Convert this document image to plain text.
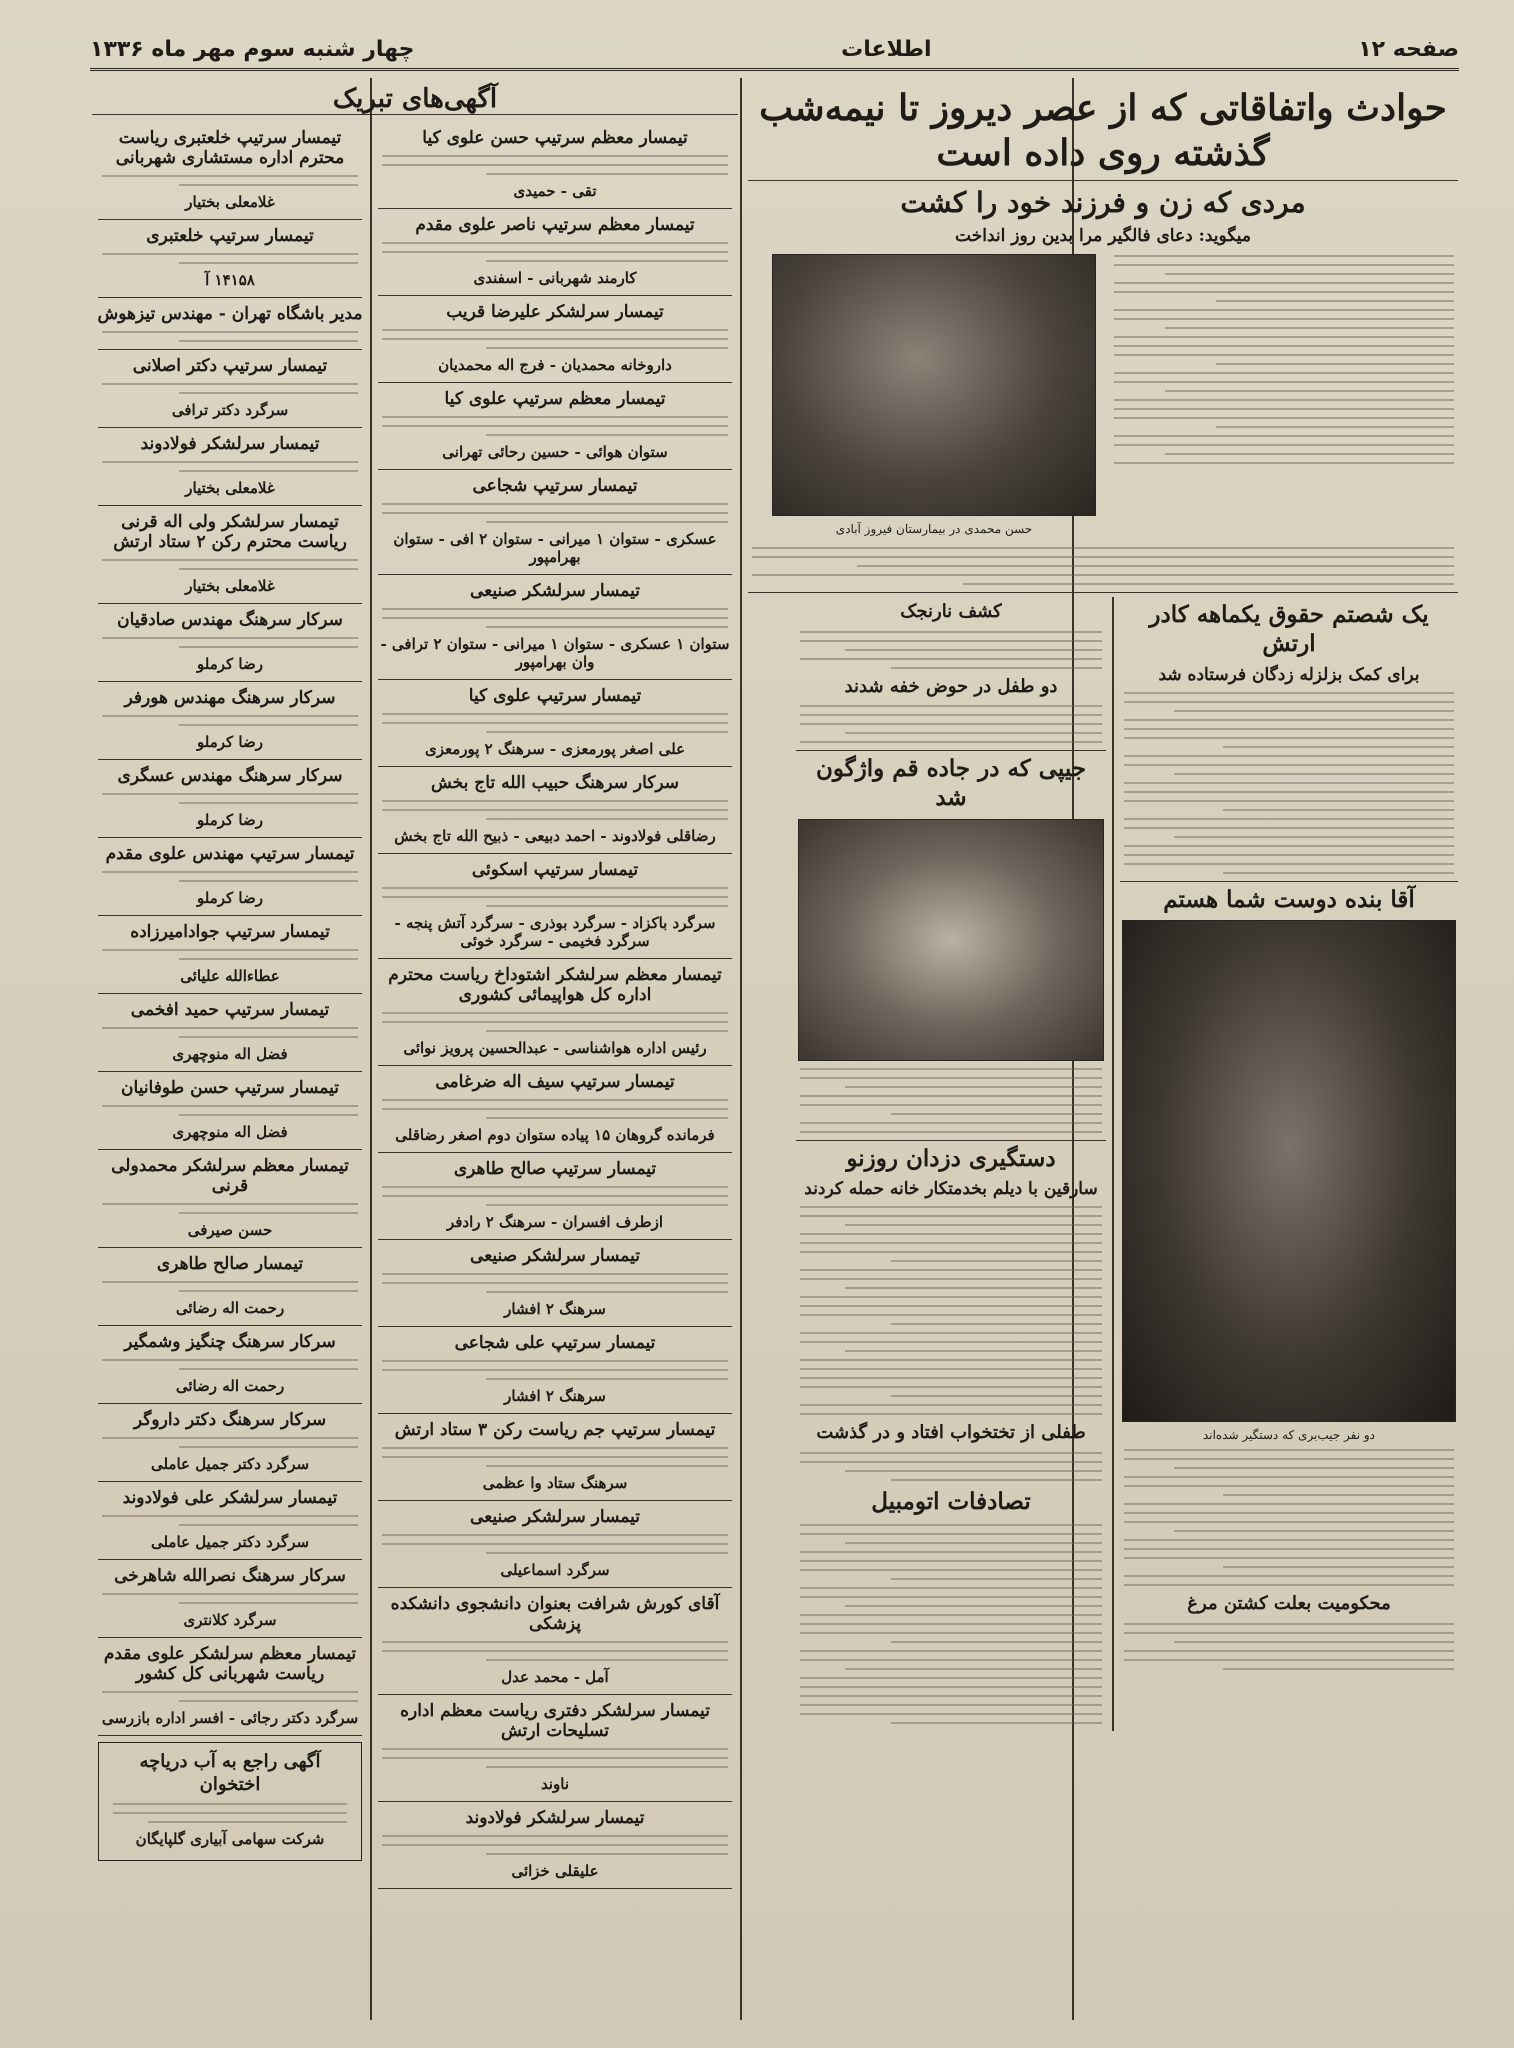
صفحه ۱۲
اطلاعات
چهار شنبه سوم مهر ماه ۱۳۳۶
حوادث واتفاقاتی که از عصر دیروز تا نیمه‌شب گذشته روی داده است
مردی که زن و فرزند خود را کشت
میگوید: دعای فالگیر مرا بدین روز انداخت
حسن محمدی در بیمارستان فیروز آبادی
یک شصتم حقوق یکماهه کادر ارتش
برای کمک بزلزله زدگان فرستاده شد
آقا بنده دوست شما هستم
دو نفر جیب‌بری که دستگیر شده‌اند
محکومیت بعلت کشتن مرغ
کشف نارنجک
دو طفل در حوض خفه شدند
جیپی که در جاده‌ قم واژگون شد
دستگیری دزدان روزنو
سارقین با دیلم بخدمتکار خانه حمله کردند
طفلی از تختخواب افتاد و در گذشت
تصادفات اتومبیل
آگهی‌های تبریک
تیمسار معظم سرتیپ حسن علوی کیا
تقی - حمیدی
تیمسار معظم سرتیپ ناصر علوی مقدم
کارمند شهربانی - اسفندی
تیمسار سرلشکر علیرضا قریب
داروخانه محمدیان - فرج اله محمدیان
تیمسار معظم سرتیپ علوی کیا
ستوان هوائی - حسین رحائی تهرانی
تیمسار سرتیپ شجاعی
عسکری - ستوان ۱ میرانی - ستوان ۲ افی - ستوان بهرامپور
تیمسار سرلشکر صنیعی
ستوان ۱ عسکری - ستوان ۱ میرانی - ستوان ۲ ترافی - وان بهرامپور
تیمسار سرتیپ علوی کیا
علی اصغر پورمعزی - سرهنگ ۲ پورمعزی
سرکار سرهنگ حبیب الله تاج بخش
رضاقلی فولادوند - احمد دبیعی - ذبیح الله تاج بخش
تیمسار سرتیپ اسکوئی
سرگرد باکزاد - سرگرد بوذری - سرگرد آتش پنجه - سرگرد فخیمی - سرگرد خوئی
تیمسار معظم سرلشکر اشتوداخ ریاست محترم اداره کل هواپیمائی کشوری
رئیس اداره هواشناسی - عبدالحسین پرویز نوائی
تیمسار سرتیپ سیف اله ضرغامی
فرمانده گروهان ۱۵ پیاده ستوان دوم اصغر رضاقلی
تیمسار سرتیپ صالح طاهری
ازطرف افسران - سرهنگ ۲ رادفر
تیمسار سرلشکر صنیعی
سرهنگ ۲ افشار
تیمسار سرتیپ علی شجاعی
سرهنگ ۲ افشار
تیمسار سرتیپ جم ریاست رکن ۳ ستاد ارتش
سرهنگ ستاد وا عظمی
تیمسار سرلشکر صنیعی
سرگرد اسماعیلی
آقای کورش شرافت بعنوان دانشجوی دانشکده پزشکی
آمل - محمد عدل
تیمسار سرلشکر دفتری ریاست معظم اداره تسلیحات ارتش
ناوند
تیمسار سرلشکر فولادوند
علیقلی خزائی
تیمسار سرتیپ خلعتبری ریاست محترم اداره مستشاری شهربانی
غلامعلی بختیار
تیمسار سرتیپ خلعتبری
۱۴۱۵۸ آ
مدیر باشگاه تهران - مهندس تیزهوش
تیمسار سرتیپ دکتر اصلانی
سرگرد دکتر ترافی
تیمسار سرلشکر فولادوند
غلامعلی بختیار
تیمسار سرلشکر ولی اله قرنی ریاست محترم رکن ۲ ستاد ارتش
غلامعلی بختیار
سرکار سرهنگ مهندس صادقیان
رضا کرملو
سرکار سرهنگ مهندس هورفر
رضا کرملو
سرکار سرهنگ مهندس عسگری
رضا کرملو
تیمسار سرتیپ مهندس علوی مقدم
رضا کرملو
تیمسار سرتیپ جوادامیرزاده
عطاءالله علیائی
تیمسار سرتیپ حمید افخمی
فضل اله منوچهری
تیمسار سرتیپ حسن طوفانیان
فضل اله منوچهری
تیمسار معظم سرلشکر محمدولی قرنی
حسن صیرفی
تیمسار صالح طاهری
رحمت اله رضائی
سرکار سرهنگ چنگیز وشمگیر
رحمت اله رضائی
سرکار سرهنگ دکتر داروگر
سرگرد دکتر جمیل عاملی
تیمسار سرلشکر علی فولادوند
سرگرد دکتر جمیل عاملی
سرکار سرهنگ نصرالله شاهرخی
سرگرد کلانتری
تیمسار معظم سرلشکر علوی مقدم ریاست شهربانی کل کشور
سرگرد دکتر رجائی - افسر اداره بازرسی
آگهی راجع به آب دریاچه اختخوان
شرکت سهامی آبیاری گلپایگان
